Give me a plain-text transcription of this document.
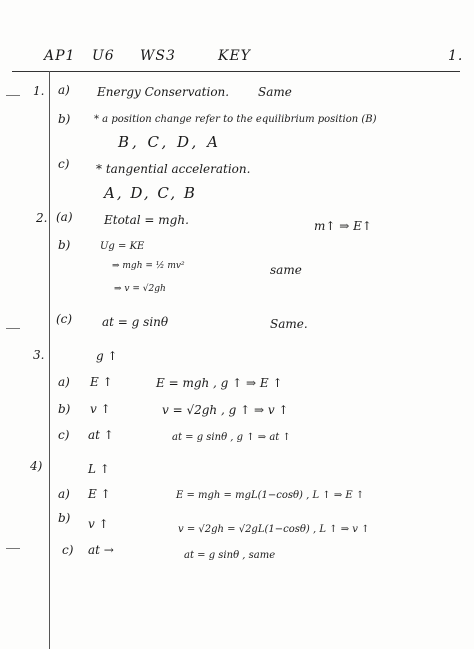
AP1 U6 WS3	KEY	1.
1. a) Energy Conservation. Same
b) * a position change refer to the equilibrium position (B)
B, C, D, A
c) * tangential acceleration.
A, D, C, B
2. (a)	Etotal = mgh.	m↑ ⇒ E↑
b)	Ug = KE
⇒ mgh = ½ mv²
⇒ v = √2gh
same
(c) at = g sinθ	Same.
3.	g ↑
a) E ↑	E = mgh , g ↑ ⇒ E ↑
b) v ↑	v = √2gh , g ↑ ⇒ v ↑
c) at ↑	at = g sinθ , g ↑ ⇒ at ↑
4)	L ↑
a) E ↑	E = mgh = mgL(1−cosθ) , L ↑ ⇒ E ↑
b) v ↑	v = √2gh = √2gL(1−cosθ) , L ↑ ⇒ v ↑
c) at →	at = g sinθ , same
